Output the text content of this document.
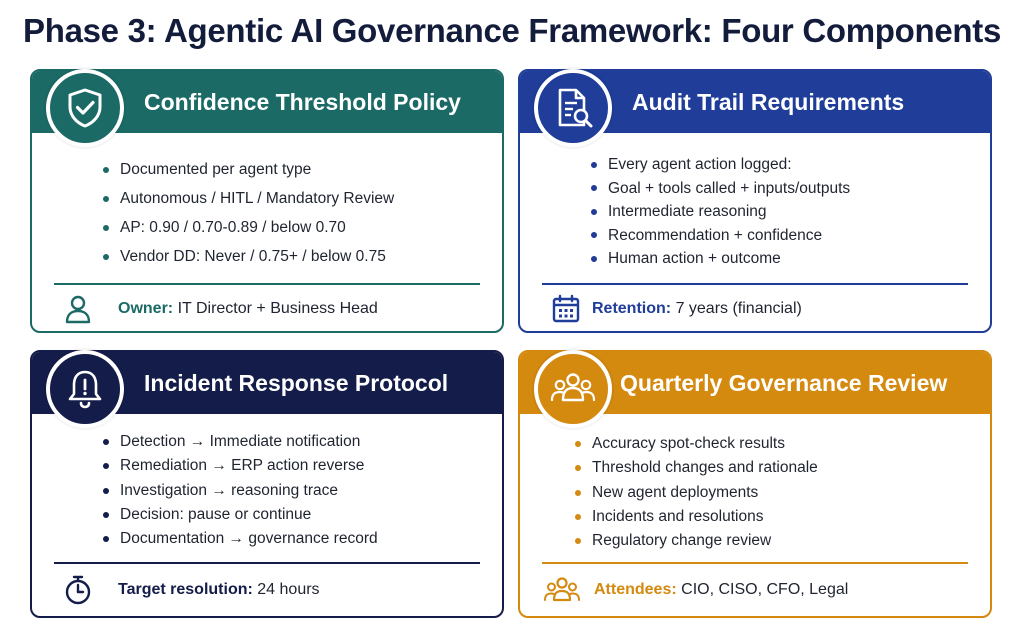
Phase 3: Agentic AI Governance Framework: Four Components
Confidence Threshold Policy
Documented per agent type
Autonomous / HITL / Mandatory Review
AP: 0.90 / 0.70-0.89 / below 0.70
Vendor DD: Never / 0.75+ / below 0.75
Owner: IT Director + Business Head
Audit Trail Requirements
Every agent action logged:
Goal + tools called + inputs/outputs
Intermediate reasoning
Recommendation + confidence
Human action + outcome
Retention: 7 years (financial)
Incident Response Protocol
Detection → Immediate notification
Remediation → ERP action reverse
Investigation → reasoning trace
Decision: pause or continue
Documentation → governance record
Target resolution: 24 hours
Quarterly Governance Review
Accuracy spot-check results
Threshold changes and rationale
New agent deployments
Incidents and resolutions
Regulatory change review
Attendees: CIO, CISO, CFO, Legal
